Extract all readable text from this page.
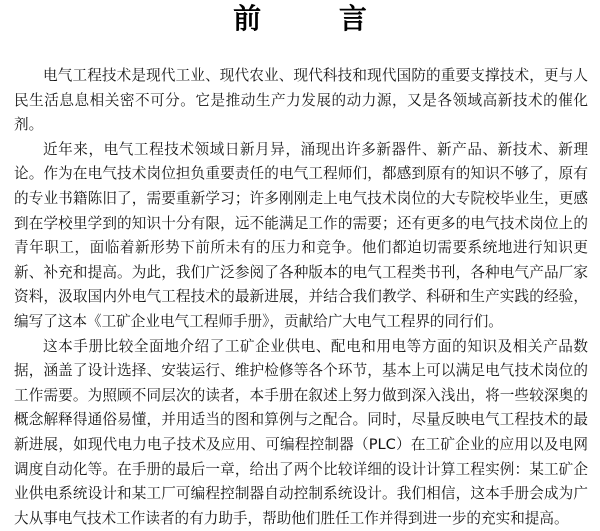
前 言

电气工程技术是现代工业、现代农业、现代科技和现代国防的重要支撑技术，更与人民生活息息相关密不可分。它是推动生产力发展的动力源，又是各领域高新技术的催化剂。

近年来，电气工程技术领域日新月异，涌现出许多新器件、新产品、新技术、新理论。作为在电气技术岗位担负重要责任的电气工程师们，都感到原有的知识不够了，原有的专业书籍陈旧了，需要重新学习；许多刚刚走上电气技术岗位的大专院校毕业生，更感到在学校里学到的知识十分有限，远不能满足工作的需要；还有更多的电气技术岗位上的青年职工，面临着新形势下前所未有的压力和竞争。他们都迫切需要系统地进行知识更新、补充和提高。为此，我们广泛参阅了各种版本的电气工程类书刊，各种电气产品厂家资料，汲取国内外电气工程技术的最新进展，并结合我们教学、科研和生产实践的经验，编写了这本《工矿企业电气工程师手册》，贡献给广大电气工程界的同行们。

这本手册比较全面地介绍了工矿企业供电、配电和用电等方面的知识及相关产品数据，涵盖了设计选择、安装运行、维护检修等各个环节，基本上可以满足电气技术岗位的工作需要。为照顾不同层次的读者，本手册在叙述上努力做到深入浅出，将一些较深奥的概念解释得通俗易懂，并用适当的图和算例与之配合。同时，尽量反映电气工程技术的最新进展，如现代电力电子技术及应用、可编程控制器（PLC）在工矿企业的应用以及电网调度自动化等。在手册的最后一章，给出了两个比较详细的设计计算工程实例：某工矿企业供电系统设计和某工厂可编程控制器自动控制系统设计。我们相信，这本手册会成为广大从事电气技术工作读者的有力助手，帮助他们胜任工作并得到进一步的充实和提高。
